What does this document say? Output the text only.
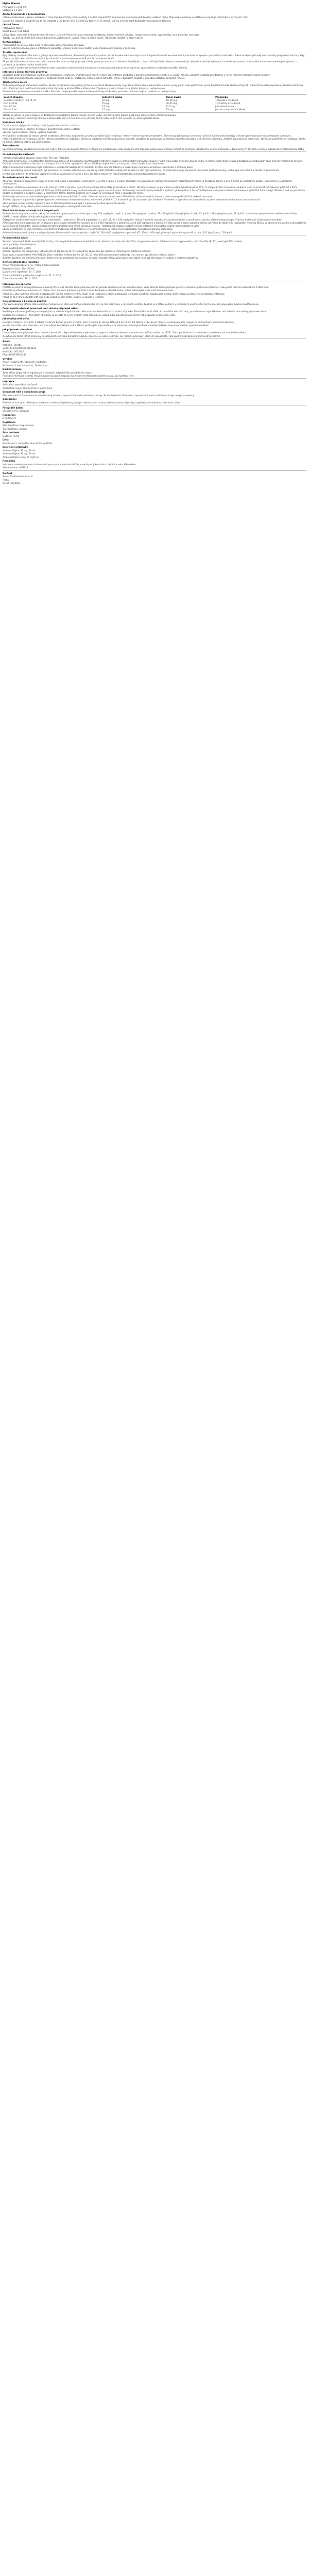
Mylan Pharma
Přípravek: 1 x 100 mg
Složení: 1 x 1 Sklo
Akutní bronchitida a bronchiolitida
Léčba je indikována u akutní, subakutní a chronické bronchitidy, bronchiolitidy a dalších respiračních onemocnění doprovázených tvorbou vazkého hlenu. Přípravek usnadňuje vykašlávání a zlepšuje průchodnost dýchacích cest.
Dávkování: dospělí a mladiství od 14 let 1 tableta 2–3x denně; děti 6–14 let 1/2 tablety 2–3x denně. Tabletu je třeba zapít dostatečným množstvím tekutiny.
Léková forma
Potahované tablety
Obsah balení: 100 tablet
Léčivá látka: ambroxoli hydrochloridum 30 mg v 1 tabletě. Pomocné látky: monohydrát laktózy, mikrokrystalická celulóza, magnesium-stearát, hypromelóza, oxid titaničitý, makrogol.
Tablety jsou bílé až téměř bílé, kulaté, bikonvexní, potahované, s půlicí rýhou na jedné straně. Tabletu lze rozdělit na stejné dávky.
Kontraindikace
Přecitlivělost na léčivou látku nebo na kteroukoli pomocnou látku přípravku.
Vzácné dědičné poruchy, jako je intolerance galaktózy, vrozený nedostatek laktázy nebo malabsorpce glukózy a galaktózy.
Zvláštní upozornění
Byly hlášeny závažné kožní reakce, jako je erythema multiforme, Stevensův-Johnsonův syndrom, toxická epidermální nekrolýza a akutní generalizovaná exantematózní pustulóza ve spojení s podáváním ambroxolu. Pokud se objeví příznaky nebo známky progresivní kožní vyrážky, často s puchýři nebo slizničními lézemi, je nutné léčbu ambroxolem okamžitě ukončit a vyhledat lékaře.
Při poruše funkce ledvin nebo závažném onemocnění jater smí být přípravek užíván pouze po konzultaci s lékařem. Stejně jako u jiných léčivých látek, které se metabolizují v játrech a vylučují ledvinami, lze očekávat kumulaci metabolitů ambroxolu vytvořených v játrech u pacientů se závažnou renální insuficiencí.
U pacientů s oslabeným kašlacím reflexem nebo s poruchou mukociliárního transportu je nutno podávat přípravek se zvýšenou opatrností pro možnost hromadění sekretu.
Interakce s jinými léčivými přípravky
Souběžné podávání ambroxolu s antibiotiky (amoxicilin, cefuroxim, erythromycin) vede k vyšším koncentracím antibiotik v bronchopulmonálním sekretu a ve sputu. Klinicky významné nežádoucí interakce s jinými léčivými přípravky nebyly hlášeny.
Ambroxol nemá být podáván současně s antitusiky (např. kodein), protože by mohlo dojít k hromadění hlenu v dýchacích cestách v důsledku potlačení kašlacího reflexu.
Těhotenství a kojení
Ambroxol prostupuje placentární bariérou. Studie na zvířatech neprokázaly přímé ani nepřímé škodlivé účinky na průběh těhotenství, embryonální a fetální vývoj, porod nebo postnatální vývoj. Rozsáhlé klinické zkušenosti po 28. týdnu těhotenství neprokázaly škodlivé účinky na plod. Přesto je třeba dodržovat obvyklá opatření týkající se užívání léčiv v těhotenství. Zejména v prvním trimestru se užívání přípravku nedoporučuje.
Ambroxol se vylučuje do mateřského mléka. Přestože u kojených dětí nejsou nežádoucí účinky očekávány, podávání přípravku kojícím matkám se nedoporučuje.
Věková skupina	Jednotlivá dávka	Denní dávka	Poznámka
Dospělí a mladiství nad 14 let	30 mg	60–90 mg	1 tableta 2–3x denně
Děti 6–14 let	15 mg	30–45 mg	1/2 tablety 2–3x denně
Děti 2–5 let	7,5 mg	22,5 mg	jiná léková forma
Děti do 2 let	7,5 mg	15 mg	pouze na doporučení lékaře
Tablety se užívají po jídle a zapíjejí se dostatečným množstvím tekutiny (např. sklenicí vody). Zvýšený příjem tekutin podporuje sekretolytický účinek ambroxolu.
Bez porady s lékařem nemá být přípravek užíván déle než 4–5 dnů. Pokud se příznaky zhorší nebo se do 5 dnů nezlepší, je nutné vyhledat lékaře.
Nežádoucí účinky
Časté: nauzea, dysgeuzie (změny chuti), hypestezie v ústech a v hltanu.
Méně časté: zvracení, průjem, dyspepsie, bolest břicha, sucho v ústech.
Vzácné: hypersenzitivní reakce, vyrážka, kopřivka.
Není známo: anafylaktické reakce včetně anafylaktického šoku, angioedém, pruritus, závažné kožní nežádoucí reakce (včetně erythema multiforme, Stevensova-Johnsonova syndromu / toxické epidermální nekrolýzy a akutní generalizované exantematózní pustulózy).
Hlášení podezření na nežádoucí účinky: Hlášení podezření na nežádoucí účinky po registraci léčivého přípravku je důležité. Umožňuje to pokračovat ve sledování poměru přínosů a rizik léčivého přípravku. Žádáme zdravotnické pracovníky, aby hlásili podezření na nežádoucí účinky na adresu Státního ústavu pro kontrolu léčiv.
Předávkování
Specifické příznaky předávkování u člověka nebyly hlášeny. Na základě hlášení o náhodném předávkování nebo chybném užití léku jsou pozorované příznaky shodné se známými nežádoucími účinky ambroxolu v doporučených dávkách a mohou vyžadovat symptomatickou léčbu.
Farmakologické vlastnosti
Farmakoterapeutická skupina: mukolytika. ATC kód: R05CB06.
Ambroxol, benzylamin, je metabolitem bromhexinu. Liší se od bromhexinu nepřítomností methylové skupiny a přítomností hydroxylové skupiny v para-trans pozici cyklohexylového kruhu. V preklinických studiích bylo prokázáno, že ambroxol zvyšuje sekreci v dýchacích cestách. Zvyšuje tvorbu plicního surfaktantu a stimuluje ciliární aktivitu. Výsledkem těchto účinků je zlepšení toku a transportu hlenu (mukociliární clearance).
Zlepšení mukociliární clearance bylo prokázáno v klinicko-farmakologických studiích. Zvýšení sekrece tekutiny a mukociliární clearance usnadňuje vykašlávání a zmírňuje kašel.
Lokální anestetický účinek ambroxolu byl pozorován na modelu králičího oka, což lze vysvětlit blokádou sodíkových kanálů. In vitro bylo prokázáno, že ambroxol blokuje klonované neuronální sodíkové kanály; vazba byla reverzibilní a závislá na koncentraci.
In vitro bylo zjištěno, že ambroxol významně snižuje uvolňování cytokinů z krve, ale také z tkáňových mononukleárních a polymorfonukleárních buněk.
Farmakokinetické vlastnosti
Absorpce: absorpce perorálních lékových forem ambroxolu s okamžitým uvolňováním je rychlá a úplná, s lineární závislostí v terapeutickém rozmezí. Maximálních plazmatických hladin je dosaženo během 1 až 2,5 hodin po perorálním podání lékové formy s okamžitým uvolňováním.
Distribuce: distribuce ambroxolu z krve do tkání je rychlá a výrazná, nejvyšší koncentrace léčivé látky je dosaženo v plicích. Distribuční objem po perorálním podání byl odhadnut na 552 l. V terapeutickém rozmezí se ambroxol váže na plazmatické bílkoviny přibližně z 90 %.
Biotransformace a eliminace: přibližně 30 % perorálně podané dávky je eliminováno first-pass metabolismem. Ambroxol je metabolizován především v játrech glukuronidací a částečně štěpením na kyselinu dibromanthranilovou (přibližně 10 % dávky). Během 3 dnů po perorálním podání se přibližně 6 % dávky vyloučí v nezměněné formě, zatímco přibližně 26 % dávky je vylučováno močí v konjugované formě.
Ambroxol je eliminován s terminálním poločasem eliminace přibližně 10 hodin. Celková clearance je v rozmezí 660 ml/min, přičemž renální clearance představuje přibližně 8 % celkové clearance.
Zvláštní populace: u pacientů s jaterní dysfunkcí je eliminace ambroxolu snížena, což vede k přibližně 1,3–2násobně vyšším plazmatickým hladinám. Vzhledem k vysokému terapeutickému rozmezí ambroxolu není úprava dávkování nutná.
Věk a pohlaví nemají klinicky významný vliv na farmakokinetiku ambroxolu, a proto není nutná úprava dávkování.
Nebylo zjištěno, že by příjem potravy ovlivňoval biologickou dostupnost ambroxolu.
Předklinické údaje vztahující se k bezpečnosti
Ambroxol má nízký index akutní toxicity. Ve studiích s opakovaným podáním byly dávky 150 mg/kg/den (myš, 4 týdny), 50 mg/kg/den (potkan, 52 a 78 týdnů), 40 mg/kg/den (králík, 26 týdnů) a 10 mg/kg/den (pes, 52 týdnů) dávkami bez pozorovaného nežádoucího účinku (NOAEL). Nebyl zjištěn žádný toxikologický cílový orgán.
Čtyřtýdenní studie intravenózní toxicity s ambroxolem u potkanů (4, 16 a 64 mg/kg/den) a u psů (45, 90 a 120 mg/kg/den (infuze 3 h/den)) neprokázaly závažnou lokální a systémovou toxicitu včetně histopatologie. Všechny nežádoucí účinky byly reverzibilní.
Ambroxol nebyl embryotoxický ani teratogenní při testování perorálními dávkami až do 3 000 mg/kg/den u potkanů a až do 200 mg/kg/den u králíků. Fertilita samců a samic potkanů nebyla ovlivněna do dávky 500 mg/kg/den. Hodnota NOAEL ve studii perinatálního a postnatálního vývoje byla 50 mg/kg/den. Dávka ambroxolu 500 mg/kg/den byla mírně toxická pro matky i mláďata, jak ukázalo opožděné zvýšení tělesné hmotnosti a snížení počtu mláďat ve vrhu.
Studie genotoxicity in vitro (Amesův test a test chromozomových aberací) a in vivo (mikronukleový test u myši) neprokázaly mutagenní potenciál ambroxolu.
Ambroxol nevykazoval žádný tumorigenní potenciál ve studiích kancerogenity u myší (50, 200 a 800 mg/kg/den) a potkanů (65, 250 a 1 000 mg/kg/den) při podávání v potravě po dobu 105 týdnů, resp. 116 týdnů.
Farmaceutické údaje
Seznam pomocných látek: monohydrát laktózy, mikrokrystalická celulóza, kukuřičný škrob, koloidní bezvodý oxid křemičitý, magnesium-stearát. Potahová vrstva: hypromelóza, oxid titaničitý (E171), makrogol 400, mastek.
Inkompatibility: neuplatňuje se.
Doba použitelnosti: 3 roky.
Zvláštní opatření pro uchovávání: uchovávejte při teplotě do 25 °C v původním obalu, aby byl přípravek chráněn před světlem a vlhkostí.
Druh obalu a obsah balení: PVC/PVDC/Al blistr, krabička. Velikost balení: 20, 30, 50 nebo 100 potahovaných tablet. Na trhu nemusí být všechny velikosti balení.
Zvláštní opatření pro likvidaci přípravku: žádné zvláštní požadavky na likvidaci. Veškerý nepoužitý léčivý přípravek nebo odpad musí být zlikvidován v souladu s místními požadavky.
Držitel rozhodnutí o registraci
Mylan Pharmaceuticals s.r.o., Praha, Česká republika
Registrační číslo: 52/412/04-C
Datum první registrace: 14. 7. 2004
Datum posledního prodloužení registrace: 22. 1. 2014
Datum revize textu: 18. 5. 2021
Informace pro pacienta
Přečtěte si pozorně celou příbalovou informaci dříve, než začnete tento přípravek užívat, protože obsahuje pro Vás důležité údaje. Vždy užívejte tento přípravek přesně v souladu s příbalovou informací nebo podle pokynů svého lékaře či lékárníka.
Ponechte si příbalovou informaci pro případ, že si ji budete potřebovat přečíst znovu. Požádejte svého lékárníka, pokud potřebujete další informace nebo radu.
Pokud se u Vás vyskytne kterýkoli z nežádoucích účinků, sdělte to svému lékaři nebo lékárníkovi. Stejně postupujte v případě jakýchkoli nežádoucích účinků, které nejsou uvedeny v této příbalové informaci.
Pokud se do 5 dnů nebudete cítit lépe nebo pokud se Vám přitíží, musíte se poradit s lékařem.
Co je přípravek a k čemu se používá
Přípravek obsahuje léčivou látku ambroxol-hydrochlorid, která usnadňuje odkašlávání tím, že ředí vazký hlen v dýchacích cestách. Používá se k léčbě akutních a chronických onemocnění dýchacích cest spojených s tvorbou hustého hlenu.
Čemu musíte věnovat pozornost, než začnete přípravek užívat
Neužívejte přípravek, jestliže jste alergický(á) na ambroxol-hydrochlorid nebo na kteroukoli další složku tohoto přípravku. Pokud Vám lékař sdělil, že nesnášíte některé cukry, poraďte se se svým lékařem, než začnete tento léčivý přípravek užívat.
Upozornění a opatření: Před užitím přípravku se poraďte se svým lékařem nebo lékárníkem, pokud máte poruchu funkce ledvin nebo závažné onemocnění jater.
Jak se přípravek užívá
Dospělí a mladiství od 14 let: 1 tableta 3x denně během prvních 2–3 dnů, poté 1 tableta 2x denně. Děti od 6 do 14 let: 1/2 tablety 2–3x denně. Tablety se užívají po jídle, zapíjejí se dostatečným množstvím tekutiny.
Jestliže jste užil(a) více přípravku, než jste měl(a): kontaktujte svého lékaře. Jestliže jste zapomněl(a) užít přípravek, nezdvojnásobujte následující dávku, abyste nahradil(a) vynechanou dávku.
Jak přípravek uchovávat
Uchovávejte tento přípravek mimo dohled a dosah dětí. Nepoužívejte tento přípravek po uplynutí doby použitelnosti uvedené na krabičce a blistru za „EXP“. Doba použitelnosti se vztahuje k poslednímu dni uvedeného měsíce.
Nevyhazujte žádné léčivé přípravky do odpadních vod nebo domácího odpadu. Zeptejte se svého lékárníka, jak naložit s přípravky, které již nepoužíváte. Tato opatření pomáhají chránit životní prostředí.
Balení
Krabička: 100 tbl.
Výdej: bez lékařského předpisu
Kód SÚKL: 0012345
EAN: 8594739012345
Výrobce
Mylan Hungary Kft., Komárom, Maďarsko
McDermott Laboratories Ltd., Dublin, Irsko
Další informace
Tento léčivý přípravek je registrován v členských státech EHP pod odlišnými názvy.
Podrobné informace o tomto léčivém přípravku jsou k dispozici na webových stránkách Státního ústavu pro kontrolu léčiv.
Interakce
Antitusika: nepodávat současně.
Antibiotika: zvýšení koncentrace v plicní tkáni.
Schopnost řídit a obsluhovat stroje
Přípravek nemá žádný nebo má zanedbatelný vliv na schopnost řídit nebo obsluhovat stroje. Studie hodnotící účinky na schopnost řídit nebo obsluhovat stroje nebyly provedeny.
Upozornění
Pacienti se vzácnými dědičnými problémy s intolerancí galaktózy, úplným nedostatkem laktázy nebo malabsorpcí glukózy a galaktózy nemají tento přípravek užívat.
Fotografie balení
Obrázek není k dispozici.
Hodnocení
0 hodnocení
Registrace
Stav registrace: registrovaný
Typ registrace: národní
Stav dodávek
Dodáván na trh
Cena
Není hrazen z veřejného zdravotního pojištění
Související přípravky
Ambroxol Mylan 30 mg, 20 tbl.
Ambroxol Mylan 30 mg, 50 tbl.
Ambroxol Mylan sirup 15 mg/5 ml
Poznámka
Informace uvedené na této stránce slouží pouze pro informativní účely a nenahrazují konzultaci s lékařem nebo lékárníkem.
Aktualizováno: 05/2021
Kontakt
Mylan Pharmaceuticals s.r.o.
Praha
Česká republika
